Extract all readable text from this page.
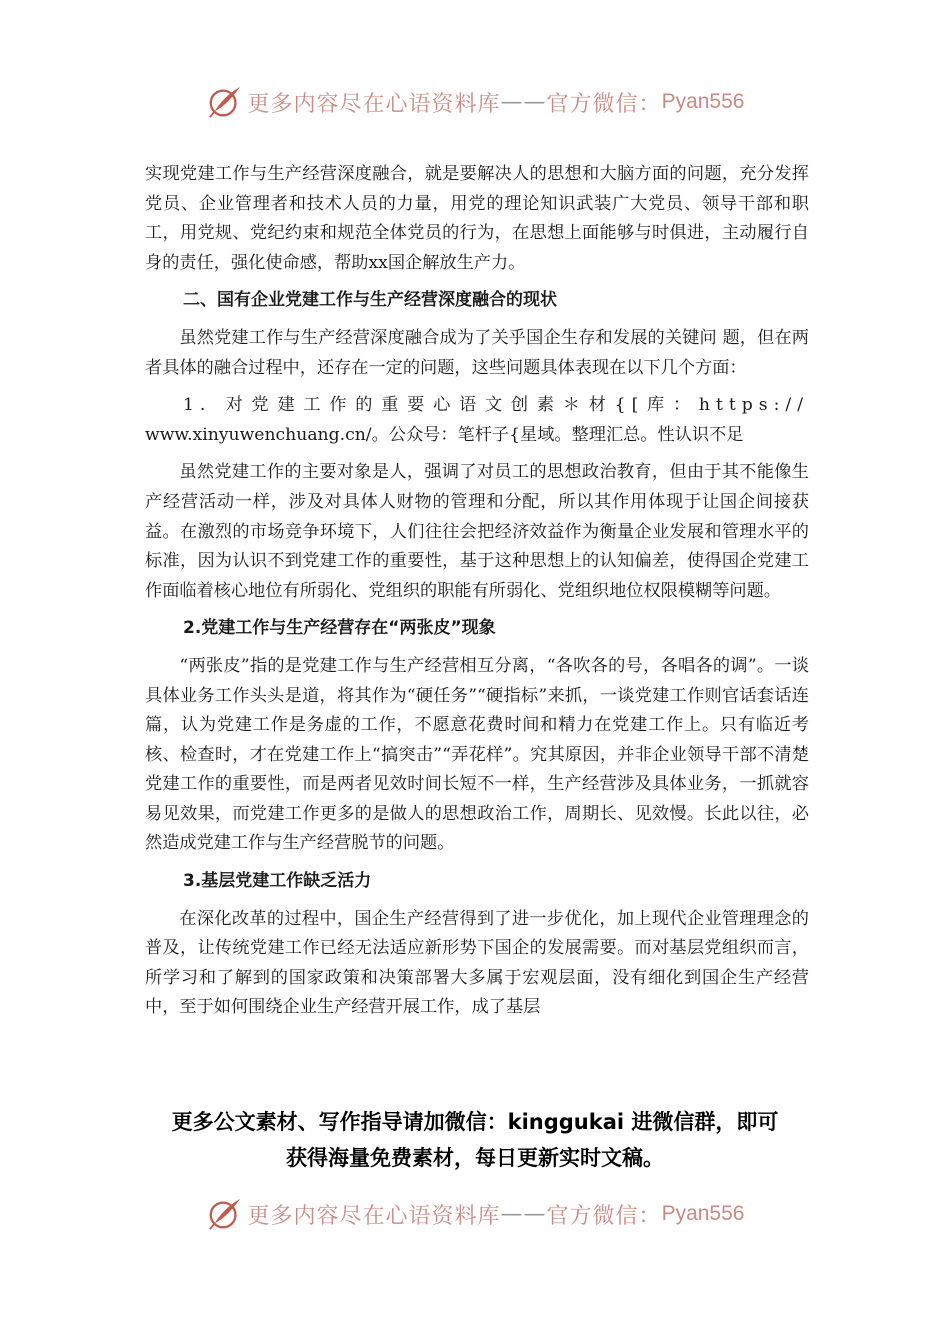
更多内容尽在心语资料库 —— 官方微信： Pyan556

实现党建工作与生产经营深度融合，就是要解决人的思想和大脑方面的问题，充分发挥党员、企业管理者和技术人员的力量，用党的理论知识武装广大党员、领导干部和职工，用党规、党纪约束和规范全体党员的行为，在思想上面能够与时俱进，主动履行自身的责任，强化使命感，帮助xx国企解放生产力。

二、国有企业党建工作与生产经营深度融合的现状

虽然党建工作与生产经营深度融合成为了关乎国企生存和发展的关键问 题，但在两者具体的融合过程中，还存在一定的问题，这些问题具体表现在以下几个方面：

1. 对党建工作的重要心语文创素＊材{[库：https://

www.xinyuwenchuang.cn/。公众号：笔杆子{星域。整理汇总。性认识不足

虽然党建工作的主要对象是人，强调了对员工的思想政治教育，但由于其不能像生产经营活动一样，涉及对具体人财物的管理和分配，所以其作用体现于让国企间接获益。在激烈的市场竞争环境下，人们往往会把经济效益作为衡量企业发展和管理水平的标准，因为认识不到党建工作的重要性，基于这种思想上的认知偏差，使得国企党建工作面临着核心地位有所弱化、党组织的职能有所弱化、党组织地位权限模糊等问题。

2.党建工作与生产经营存在“两张皮”现象

“两张皮”指的是党建工作与生产经营相互分离，“各吹各的号，各唱各的调”。一谈具体业务工作头头是道，将其作为“硬任务”“硬指标”来抓，一谈党建工作则官话套话连篇，认为党建工作是务虚的工作，不愿意花费时间和精力在党建工作上。只有临近考核、检查时，才在党建工作上“搞突击”“弄花样”。究其原因，并非企业领导干部不清楚党建工作的重要性，而是两者见效时间长短不一样，生产经营涉及具体业务，一抓就容易见效果，而党建工作更多的是做人的思想政治工作，周期长、见效慢。长此以往，必然造成党建工作与生产经营脱节的问题。

3.基层党建工作缺乏活力

在深化改革的过程中，国企生产经营得到了进一步优化，加上现代企业管理理念的普及，让传统党建工作已经无法适应新形势下国企的发展需要。而对基层党组织而言，所学习和了解到的国家政策和决策部署大多属于宏观层面，没有细化到国企生产经营中，至于如何围绕企业生产经营开展工作，成了基层

更多公文素材、写作指导请加微信：kinggukai 进微信群，即可
获得海量免费素材，每日更新实时文稿。
更多内容尽在心语资料库 —— 官方微信： Pyan556
